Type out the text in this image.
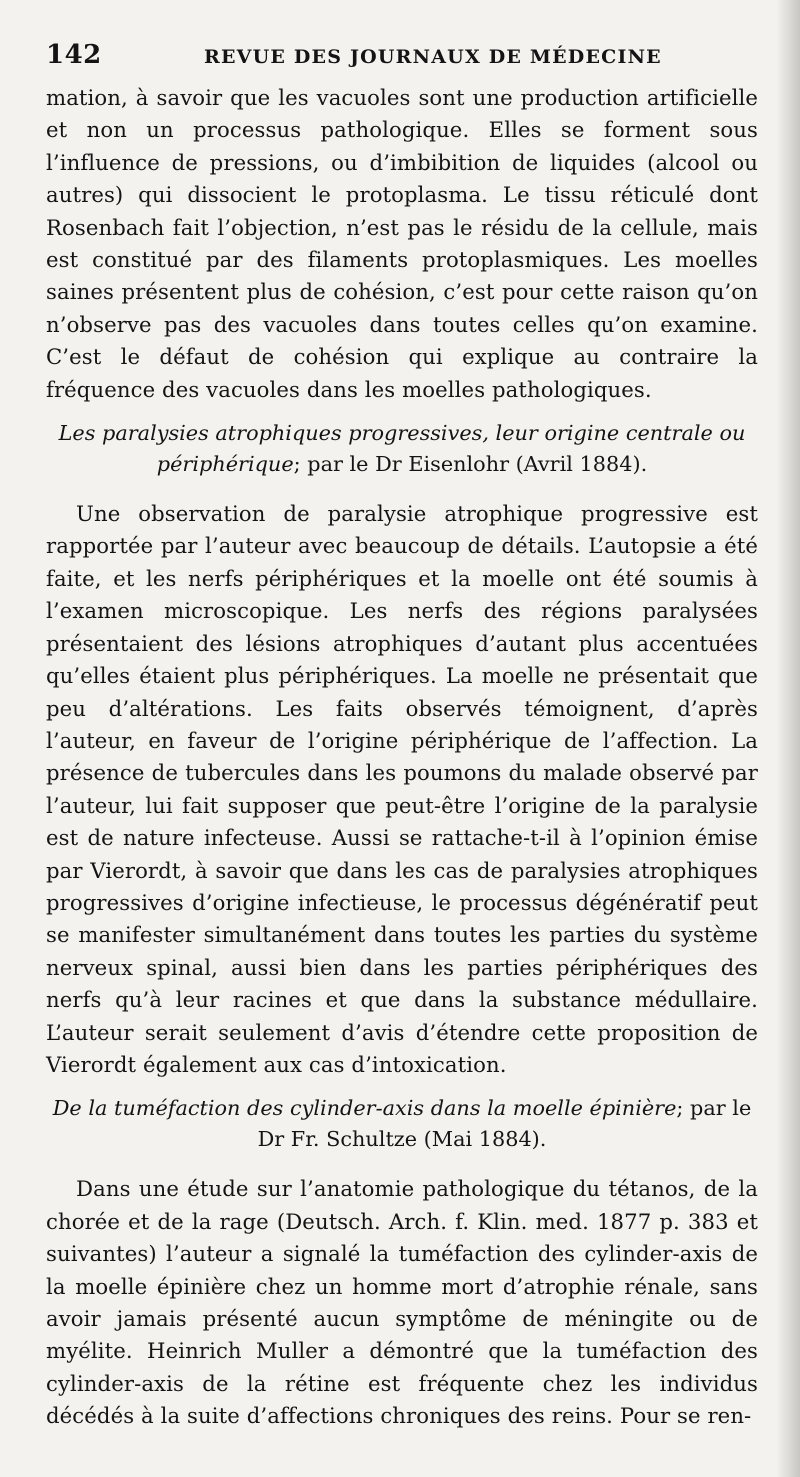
142	REVUE DES JOURNAUX DE MÉDECINE

mation, à savoir que les vacuoles sont une production artificielle et non un processus pathologique. Elles se forment sous l’influence de pressions, ou d’imbibition de liquides (alcool ou autres) qui dissocient le protoplasma. Le tissu réticulé dont Rosenbach fait l’objection, n’est pas le résidu de la cellule, mais est constitué par des filaments protoplasmiques. Les moelles saines présentent plus de cohésion, c’est pour cette raison qu’on n’observe pas des vacuoles dans toutes celles qu’on examine. C’est le défaut de cohésion qui explique au contraire la fréquence des vacuoles dans les moelles pathologiques.

Les paralysies atrophiques progressives, leur origine centrale ou périphérique; par le Dr Eisenlohr (Avril 1884).

Une observation de paralysie atrophique progressive est rapportée par l’auteur avec beaucoup de détails. L’autopsie a été faite, et les nerfs périphériques et la moelle ont été soumis à l’examen microscopique. Les nerfs des régions paralysées présentaient des lésions atrophiques d’autant plus accentuées qu’elles étaient plus périphériques. La moelle ne présentait que peu d’altérations. Les faits observés témoignent, d’après l’auteur, en faveur de l’origine périphérique de l’affection. La présence de tubercules dans les poumons du malade observé par l’auteur, lui fait supposer que peut-être l’origine de la paralysie est de nature infecteuse. Aussi se rattache-t-il à l’opinion émise par Vierordt, à savoir que dans les cas de paralysies atrophiques progressives d’origine infectieuse, le processus dégénératif peut se manifester simultanément dans toutes les parties du système nerveux spinal, aussi bien dans les parties périphériques des nerfs qu’à leur racines et que dans la substance médullaire. L’auteur serait seulement d’avis d’étendre cette proposition de Vierordt également aux cas d’intoxication.

De la tuméfaction des cylinder-axis dans la moelle épinière; par le Dr Fr. Schultze (Mai 1884).

Dans une étude sur l’anatomie pathologique du tétanos, de la chorée et de la rage (Deutsch. Arch. f. Klin. med. 1877 p. 383 et suivantes) l’auteur a signalé la tuméfaction des cylinder-axis de la moelle épinière chez un homme mort d’atrophie rénale, sans avoir jamais présenté aucun symptôme de méningite ou de myélite. Heinrich Muller a démontré que la tuméfaction des cylinder-axis de la rétine est fréquente chez les individus décédés à la suite d’affections chroniques des reins. Pour se ren-
